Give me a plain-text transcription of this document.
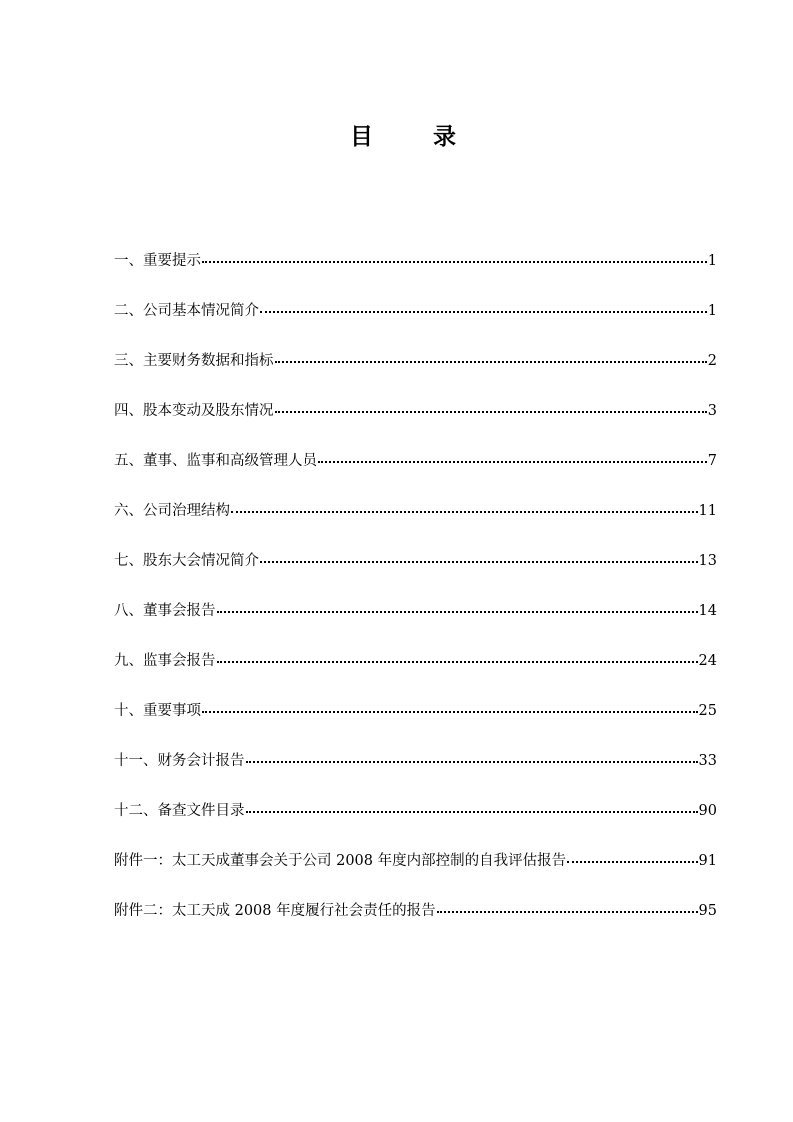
目 录
一、重要提示	1
二、公司基本情况简介	1
三、主要财务数据和指标	2
四、股本变动及股东情况	3
五、董事、监事和高级管理人员	7
六、公司治理结构	11
七、股东大会情况简介	13
八、董事会报告	14
九、监事会报告	24
十、重要事项	25
十一、财务会计报告	33
十二、备查文件目录	90
附件一：太工天成董事会关于公司 2008 年度内部控制的自我评估报告	91
附件二：太工天成 2008 年度履行社会责任的报告	95
